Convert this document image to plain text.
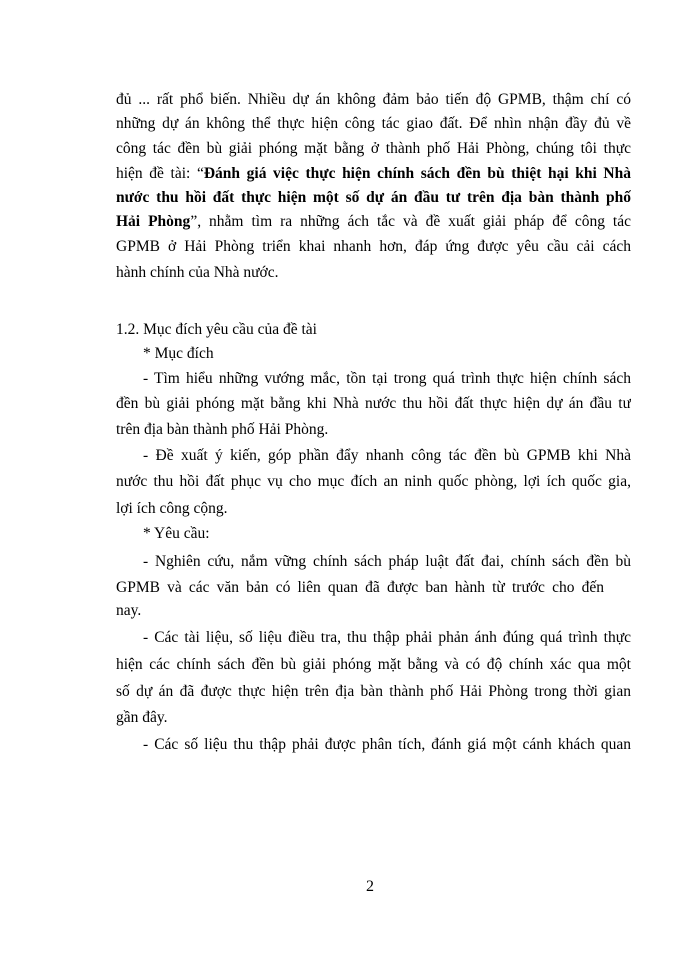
đủ ... rất phổ biến. Nhiều dự án không đảm bảo tiến độ GPMB, thậm chí có
những dự án không thể thực hiện công tác giao đất. Để nhìn nhận đầy đủ về
công tác đền bù giải phóng mặt bằng ở thành phố Hải Phòng, chúng tôi thực
hiện đề tài: “Đánh giá việc thực hiện chính sách đền bù thiệt hại khi Nhà
nước thu hồi đất thực hiện một số dự án đầu tư trên địa bàn thành phố
Hải Phòng”, nhằm tìm ra những ách tắc và đề xuất giải pháp để công tác
GPMB ở Hải Phòng triển khai nhanh hơn, đáp ứng được yêu cầu cải cách
hành chính của Nhà nước.
1.2. Mục đích yêu cầu của đề tài
* Mục đích
- Tìm hiểu những vướng mắc, tồn tại trong quá trình thực hiện chính sách
đền bù giải phóng mặt bằng khi Nhà nước thu hồi đất thực hiện dự án đầu tư
trên địa bàn thành phố Hải Phòng.
- Đề xuất ý kiến, góp phần đẩy nhanh công tác đền bù GPMB khi Nhà
nước thu hồi đất phục vụ cho mục đích an ninh quốc phòng, lợi ích quốc gia,
lợi ích công cộng.
* Yêu cầu:
- Nghiên cứu, nắm vững chính sách pháp luật đất đai, chính sách đền bù
GPMB và các văn bản có liên quan đã được ban hành từ trước cho đến
nay.
- Các tài liệu, số liệu điều tra, thu thập phải phản ánh đúng quá trình thực
hiện các chính sách đền bù giải phóng mặt bằng và có độ chính xác qua một
số dự án đã được thực hiện trên địa bàn thành phố Hải Phòng trong thời gian
gần đây.
- Các số liệu thu thập phải được phân tích, đánh giá một cánh khách quan
2
